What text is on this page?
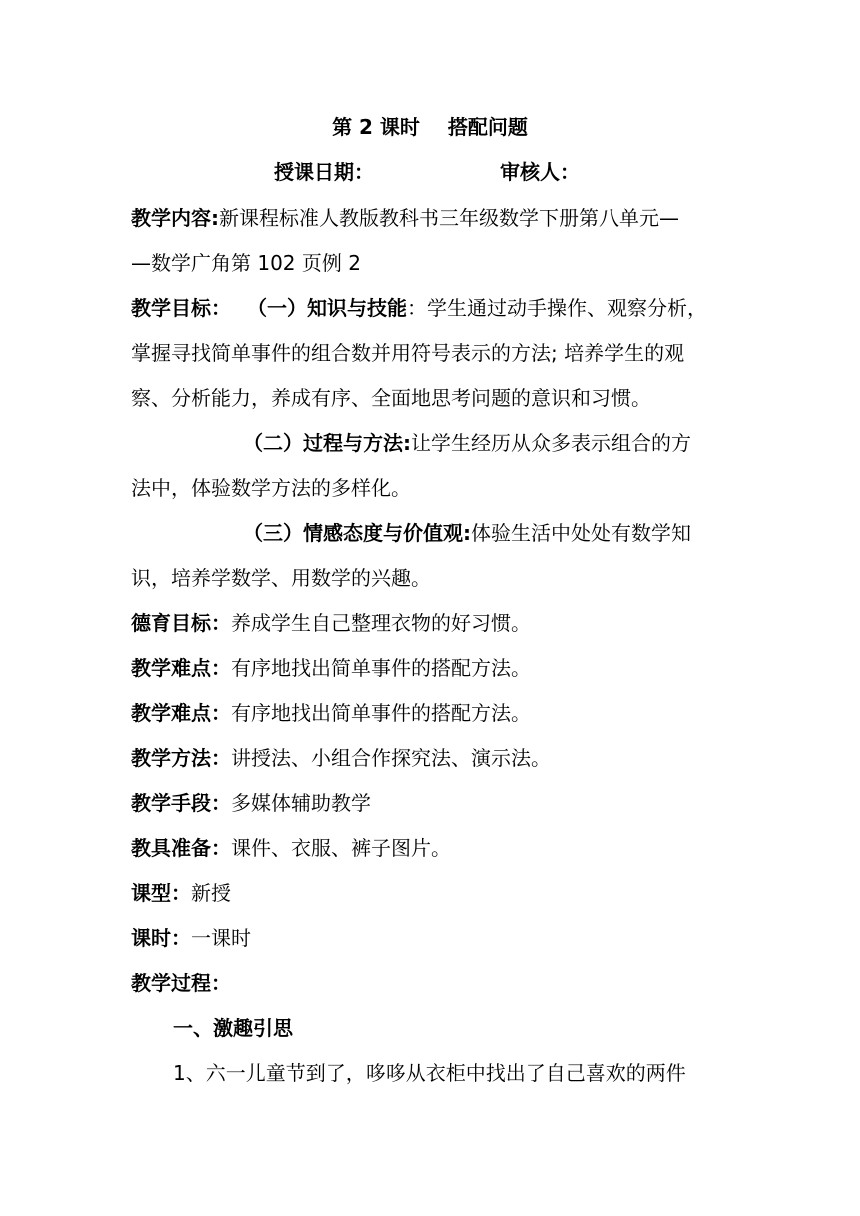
第 2 课时 搭配问题
授课日期：	审核人：
教学内容:新课程标准人教版教科书三年级数学下册第八单元—
—数学广角第 102 页例 2
教学目标： （一）知识与技能：学生通过动手操作、观察分析，
掌握寻找简单事件的组合数并用符号表示的方法; 培养学生的观
察、分析能力，养成有序、全面地思考问题的意识和习惯。
（二）过程与方法:让学生经历从众多表示组合的方
法中，体验数学方法的多样化。
（三）情感态度与价值观:体验生活中处处有数学知
识，培养学数学、用数学的兴趣。
德育目标：养成学生自己整理衣物的好习惯。
教学难点：有序地找出简单事件的搭配方法。
教学难点：有序地找出简单事件的搭配方法。
教学方法：讲授法、小组合作探究法、演示法。
教学手段：多媒体辅助教学
教具准备：课件、衣服、裤子图片。
课型：新授
课时：一课时
教学过程：
一、激趣引思
1、六一儿童节到了，哆哆从衣柜中找出了自己喜欢的两件
